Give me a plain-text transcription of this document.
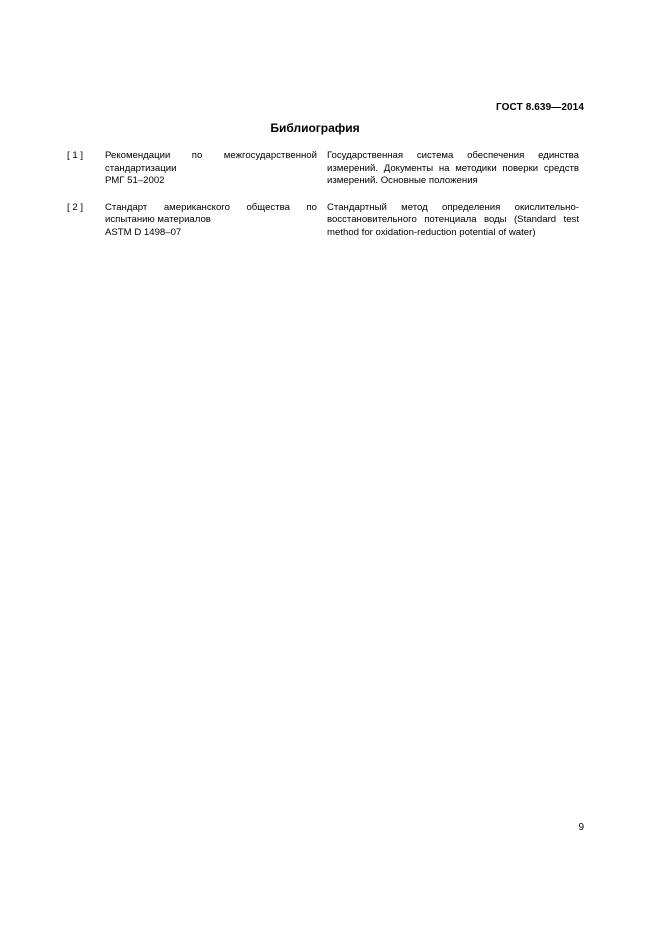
ГОСТ 8.639—2014
Библиография
[ 1 ]	Рекомендации по межгосударственной стандартизации
РМГ 51–2002
Государственная система обеспечения единства измерений. Документы на методики поверки средств измерений. Основные положения
[ 2 ]	Стандарт американского общества по испытанию материалов
ASTM D 1498–07
Стандартный метод определения окислительно-восстановительного потенциала воды (Standard test method for oxidation-reduction potential of water)
9
